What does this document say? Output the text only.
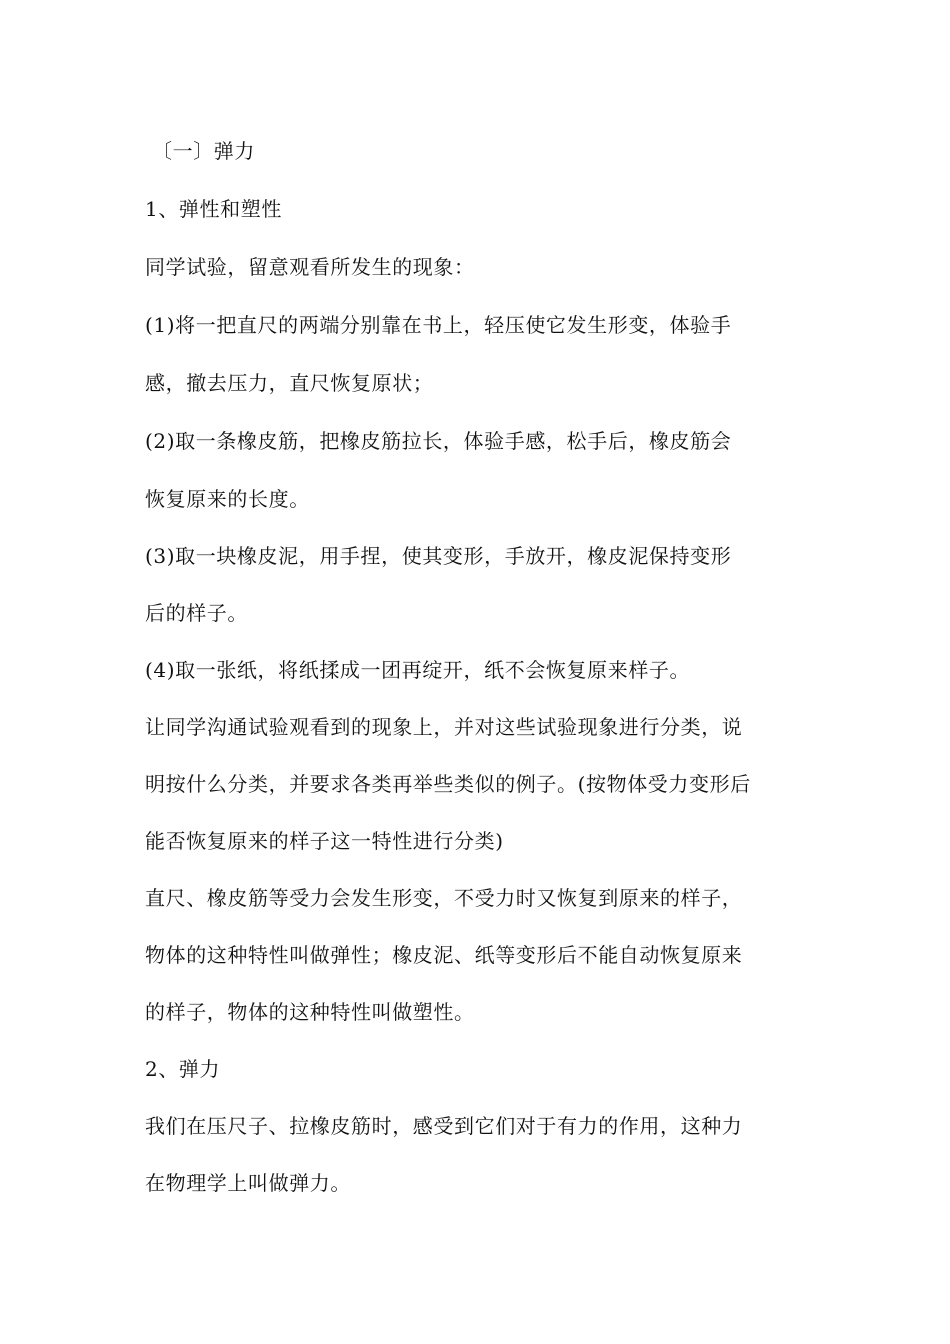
〔一〕弹力
1、弹性和塑性
同学试验，留意观看所发生的现象：
(1)将一把直尺的两端分别靠在书上，轻压使它发生形变，体验手
感，撤去压力，直尺恢复原状；
(2)取一条橡皮筋，把橡皮筋拉长，体验手感，松手后，橡皮筋会
恢复原来的长度。
(3)取一块橡皮泥，用手捏，使其变形，手放开，橡皮泥保持变形
后的样子。
(4)取一张纸，将纸揉成一团再绽开，纸不会恢复原来样子。
让同学沟通试验观看到的现象上，并对这些试验现象进行分类，说
明按什么分类，并要求各类再举些类似的例子。(按物体受力变形后
能否恢复原来的样子这一特性进行分类)
直尺、橡皮筋等受力会发生形变，不受力时又恢复到原来的样子，
物体的这种特性叫做弹性；橡皮泥、纸等变形后不能自动恢复原来
的样子，物体的这种特性叫做塑性。
2、弹力
我们在压尺子、拉橡皮筋时，感受到它们对于有力的作用，这种力
在物理学上叫做弹力。
